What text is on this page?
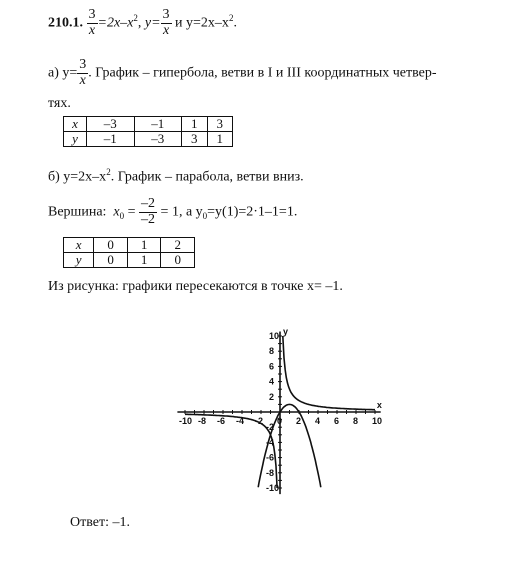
210.1. $\frac{3}{x} =2x-x^2$, $y= \frac{3}{x}$ и $y=2x-x^2$.
а) $y= \frac{3}{x}$ . График – гипербола, ветви в I и III координатных четвер-
тях.
x	–3	–1	1	3
y	–1	–3	3	1
б) $y=2x-x^2$. График – парабола, ветви вниз.
Вершина: $x_0 = \frac{-2}{-2} = 1$, а $y_0=y(1)=2\cdot 1-1=1$.
x	0	1	2
y	0	1	0
Из рисунка: графики пересекаются в точке x= –1.
x
y
-10 -8 -6 -4 -2 0 2 4 6 8 10
10
8
6
4
2
-2
-4
-6
-8
-10
Ответ: –1.
